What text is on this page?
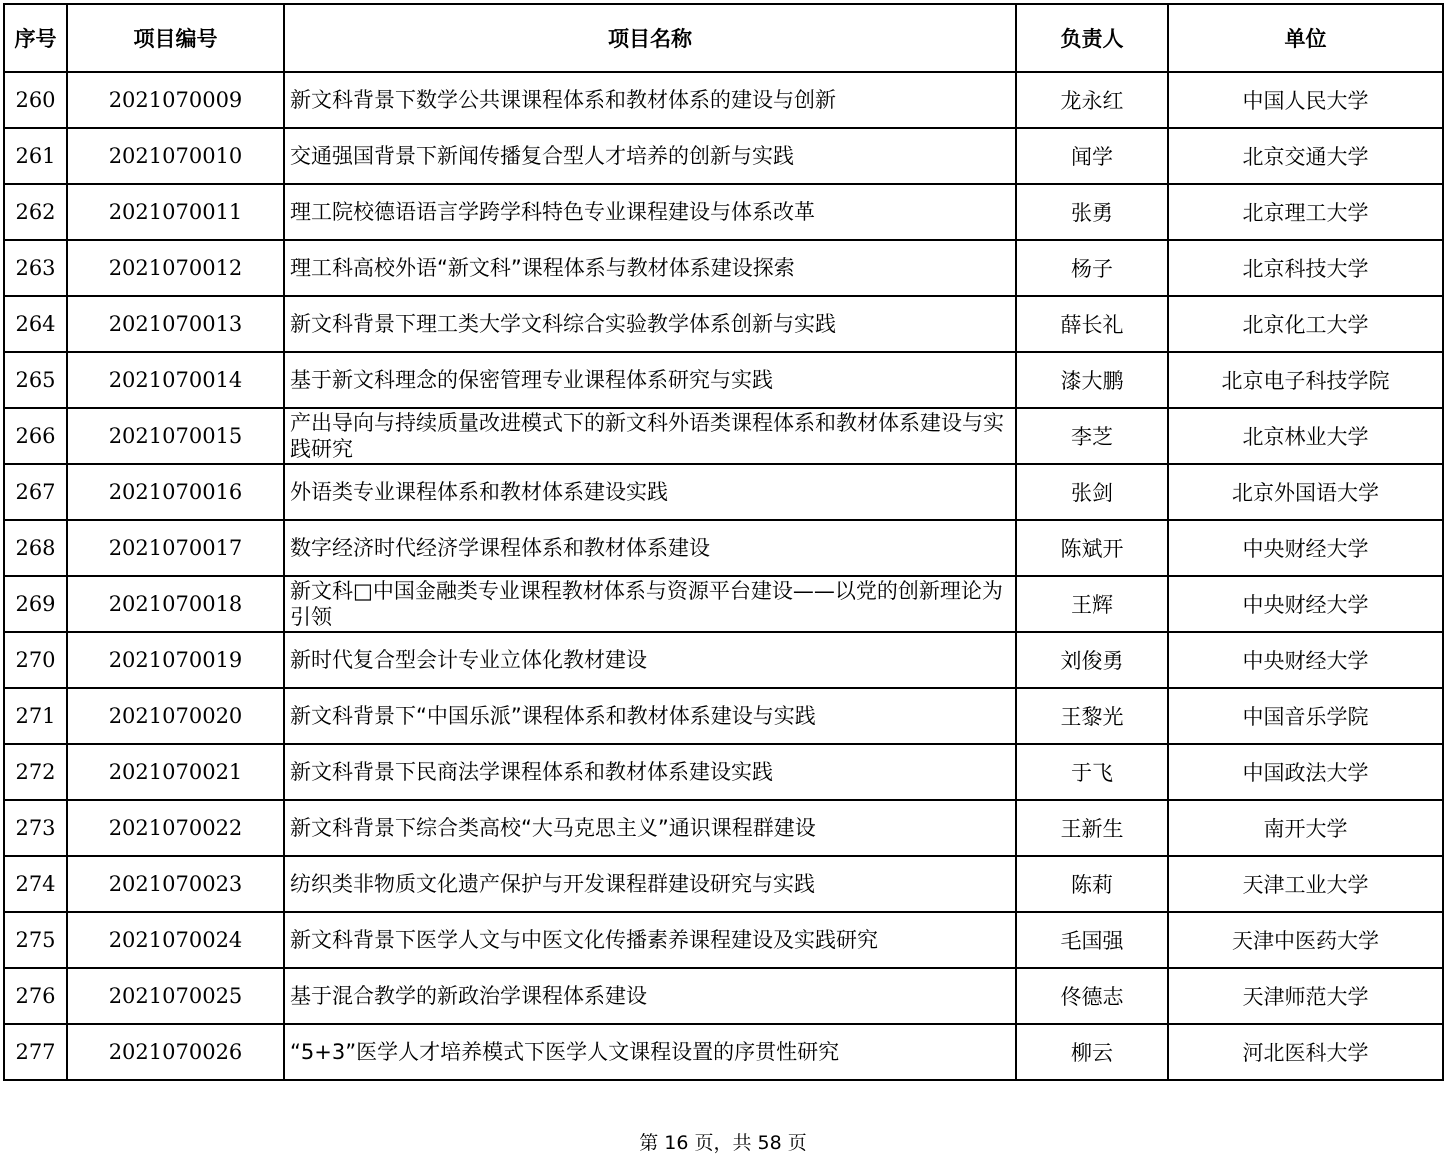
序号	项目编号	项目名称	负责人	单位
260	2021070009	新文科背景下数学公共课课程体系和教材体系的建设与创新	龙永红	中国人民大学
261	2021070010	交通强国背景下新闻传播复合型人才培养的创新与实践	闻学	北京交通大学
262	2021070011	理工院校德语语言学跨学科特色专业课程建设与体系改革	张勇	北京理工大学
263	2021070012	理工科高校外语“新文科”课程体系与教材体系建设探索	杨子	北京科技大学
264	2021070013	新文科背景下理工类大学文科综合实验教学体系创新与实践	薛长礼	北京化工大学
265	2021070014	基于新文科理念的保密管理专业课程体系研究与实践	漆大鹏	北京电子科技学院
266	2021070015	产出导向与持续质量改进模式下的新文科外语类课程体系和教材体系建设与实践研究	李芝	北京林业大学
267	2021070016	外语类专业课程体系和教材体系建设实践	张剑	北京外国语大学
268	2021070017	数字经济时代经济学课程体系和教材体系建设	陈斌开	中央财经大学
269	2021070018	新文科□中国金融类专业课程教材体系与资源平台建设——以党的创新理论为引领	王辉	中央财经大学
270	2021070019	新时代复合型会计专业立体化教材建设	刘俊勇	中央财经大学
271	2021070020	新文科背景下“中国乐派”课程体系和教材体系建设与实践	王黎光	中国音乐学院
272	2021070021	新文科背景下民商法学课程体系和教材体系建设实践	于飞	中国政法大学
273	2021070022	新文科背景下综合类高校“大马克思主义”通识课程群建设	王新生	南开大学
274	2021070023	纺织类非物质文化遗产保护与开发课程群建设研究与实践	陈莉	天津工业大学
275	2021070024	新文科背景下医学人文与中医文化传播素养课程建设及实践研究	毛国强	天津中医药大学
276	2021070025	基于混合教学的新政治学课程体系建设	佟德志	天津师范大学
277	2021070026	“5+3”医学人才培养模式下医学人文课程设置的序贯性研究	柳云	河北医科大学
第 16 页，共 58 页
